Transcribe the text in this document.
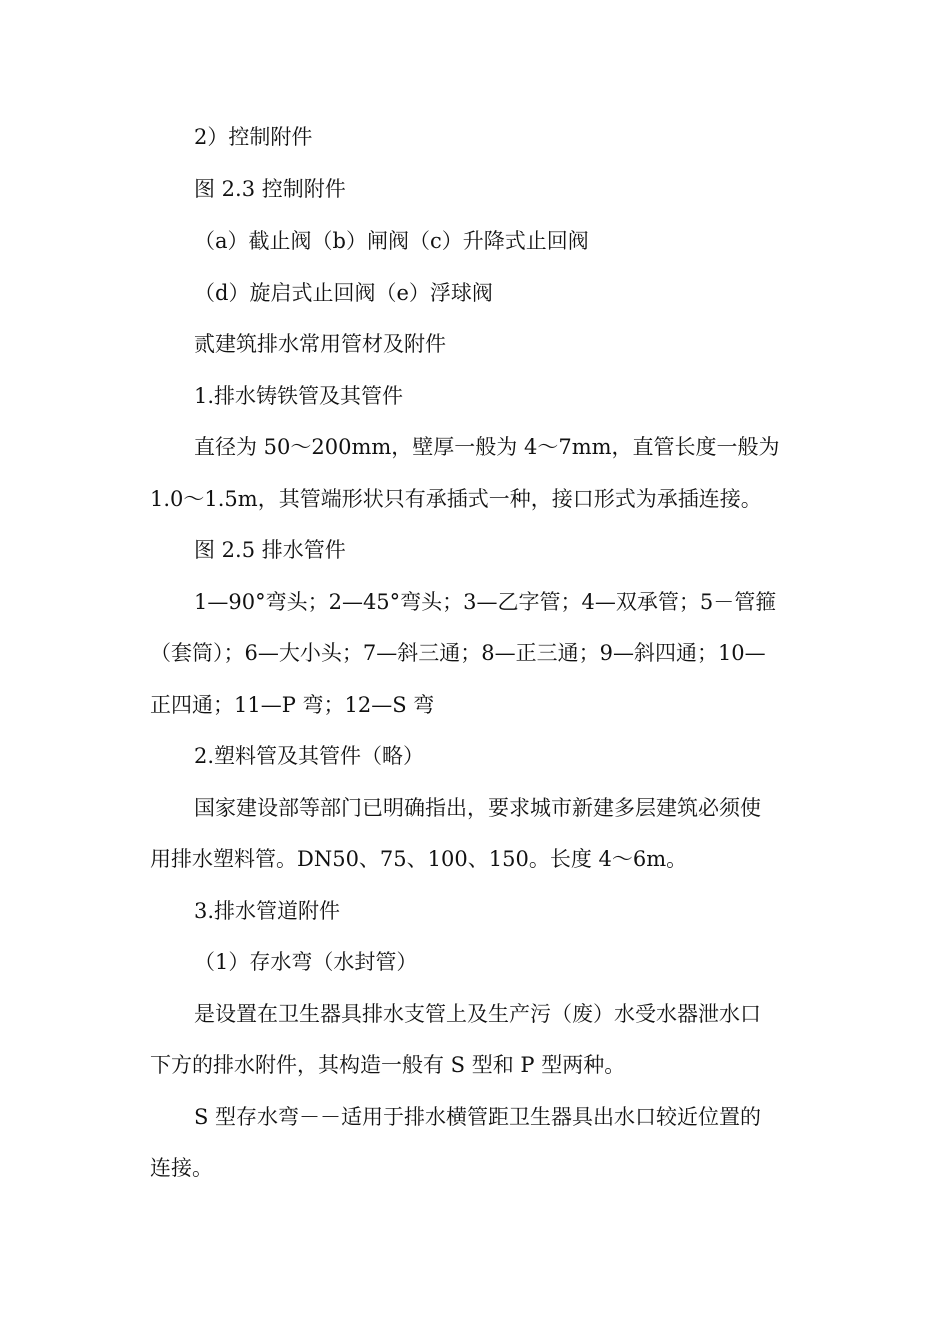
2）控制附件
图 2.3 控制附件
（a）截止阀（b）闸阀（c）升降式止回阀
（d）旋启式止回阀（e）浮球阀
贰建筑排水常用管材及附件
1.排水铸铁管及其管件
直径为 50～200mm，壁厚一般为 4～7mm，直管长度一般为
1.0～1.5m，其管端形状只有承插式一种，接口形式为承插连接。
图 2.5 排水管件
1—90°弯头；2—45°弯头；3—乙字管；4—双承管；5－管箍
（套筒）；6—大小头；7—斜三通；8—正三通；9—斜四通；10—
正四通；11—P 弯；12—S 弯
2.塑料管及其管件（略）
国家建设部等部门已明确指出，要求城市新建多层建筑必须使
用排水塑料管。DN50、75、100、150。长度 4～6m。
3.排水管道附件
（1）存水弯（水封管）
是设置在卫生器具排水支管上及生产污（废）水受水器泄水口
下方的排水附件，其构造一般有 S 型和 P 型两种。
S 型存水弯－－适用于排水横管距卫生器具出水口较近位置的
连接。
